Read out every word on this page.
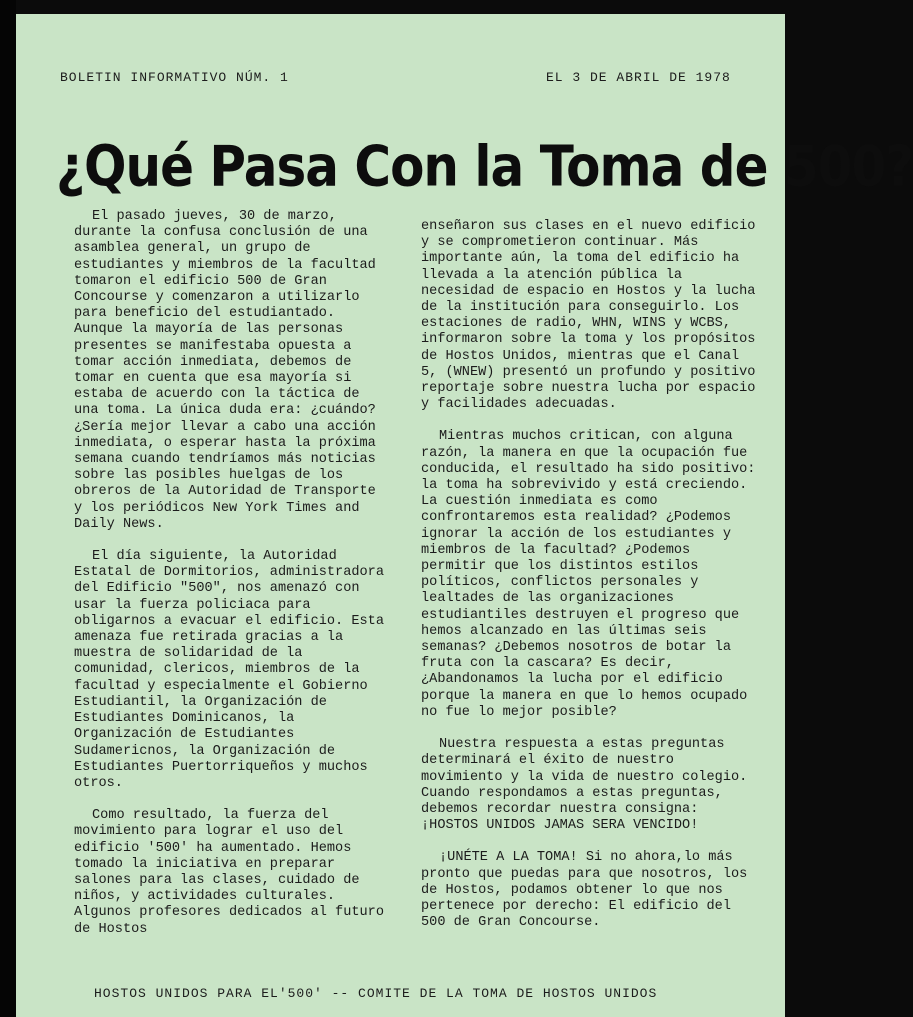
BOLETIN INFORMATIVO NÚM. 1	EL 3 DE ABRIL DE 1978
¿Qué Pasa Con la Toma de 500?

El pasado jueves, 30 de marzo, durante la confusa conclusión de una asamblea general, un grupo de estudiantes y miembros de la facultad tomaron el edificio 500 de Gran Concourse y comenzaron a utilizarlo para beneficio del estudiantado. Aunque la mayoría de las personas presentes se manifestaba opuesta a tomar acción inmediata, debemos de tomar en cuenta que esa mayoría si estaba de acuerdo con la táctica de una toma. La única duda era: ¿cuándo? ¿Sería mejor llevar a cabo una acción inmediata, o esperar hasta la próxima semana cuando tendríamos más noticias sobre las posibles huelgas de los obreros de la Autoridad de Transporte y los periódicos New York Times and Daily News.

El día siguiente, la Autoridad Estatal de Dormitorios, administradora del Edificio "500", nos amenazó con usar la fuerza policiaca para obligarnos a evacuar el edificio. Esta amenaza fue retirada gracias a la muestra de solidaridad de la comunidad, clericos, miembros de la facultad y especialmente el Gobierno Estudiantil, la Organización de Estudiantes Dominicanos, la Organización de Estudiantes Sudamericnos, la Organización de Estudiantes Puertorriqueños y muchos otros.

Como resultado, la fuerza del movimiento para lograr el uso del edificio '500' ha aumentado. Hemos tomado la iniciativa en preparar salones para las clases, cuidado de niños, y actividades culturales. Algunos profesores dedicados al futuro de Hostos

enseñaron sus clases en el nuevo edificio y se comprometieron continuar. Más importante aún, la toma del edificio ha llevada a la atención pública la necesidad de espacio en Hostos y la lucha de la institución para conseguirlo. Los estaciones de radio, WHN, WINS y WCBS, informaron sobre la toma y los propósitos de Hostos Unidos, mientras que el Canal 5, (WNEW) presentó un profundo y positivo reportaje sobre nuestra lucha por espacio y facilidades adecuadas.

Mientras muchos critican, con alguna razón, la manera en que la ocupación fue conducida, el resultado ha sido positivo: la toma ha sobrevivido y está creciendo. La cuestión inmediata es como confrontaremos esta realidad? ¿Podemos ignorar la acción de los estudiantes y miembros de la facultad? ¿Podemos permitir que los distintos estilos políticos, conflictos personales y lealtades de las organizaciones estudiantiles destruyen el progreso que hemos alcanzado en las últimas seis semanas? ¿Debemos nosotros de botar la fruta con la cascara? Es decir,¿Abandonamos la lucha por el edificio porque la manera en que lo hemos ocupado no fue lo mejor posible?

Nuestra respuesta a estas preguntas determinará el éxito de nuestro movimiento y la vida de nuestro colegio. Cuando respondamos a estas preguntas, debemos recordar nuestra consigna: ¡HOSTOS UNIDOS JAMAS SERA VENCIDO!

¡UNÉTE A LA TOMA! Si no ahora,lo más pronto que puedas para que nosotros, los de Hostos, podamos obtener lo que nos pertenece por derecho: El edificio del 500 de Gran Concourse.

HOSTOS UNIDOS PARA EL'500' -- COMITE DE LA TOMA DE HOSTOS UNIDOS
